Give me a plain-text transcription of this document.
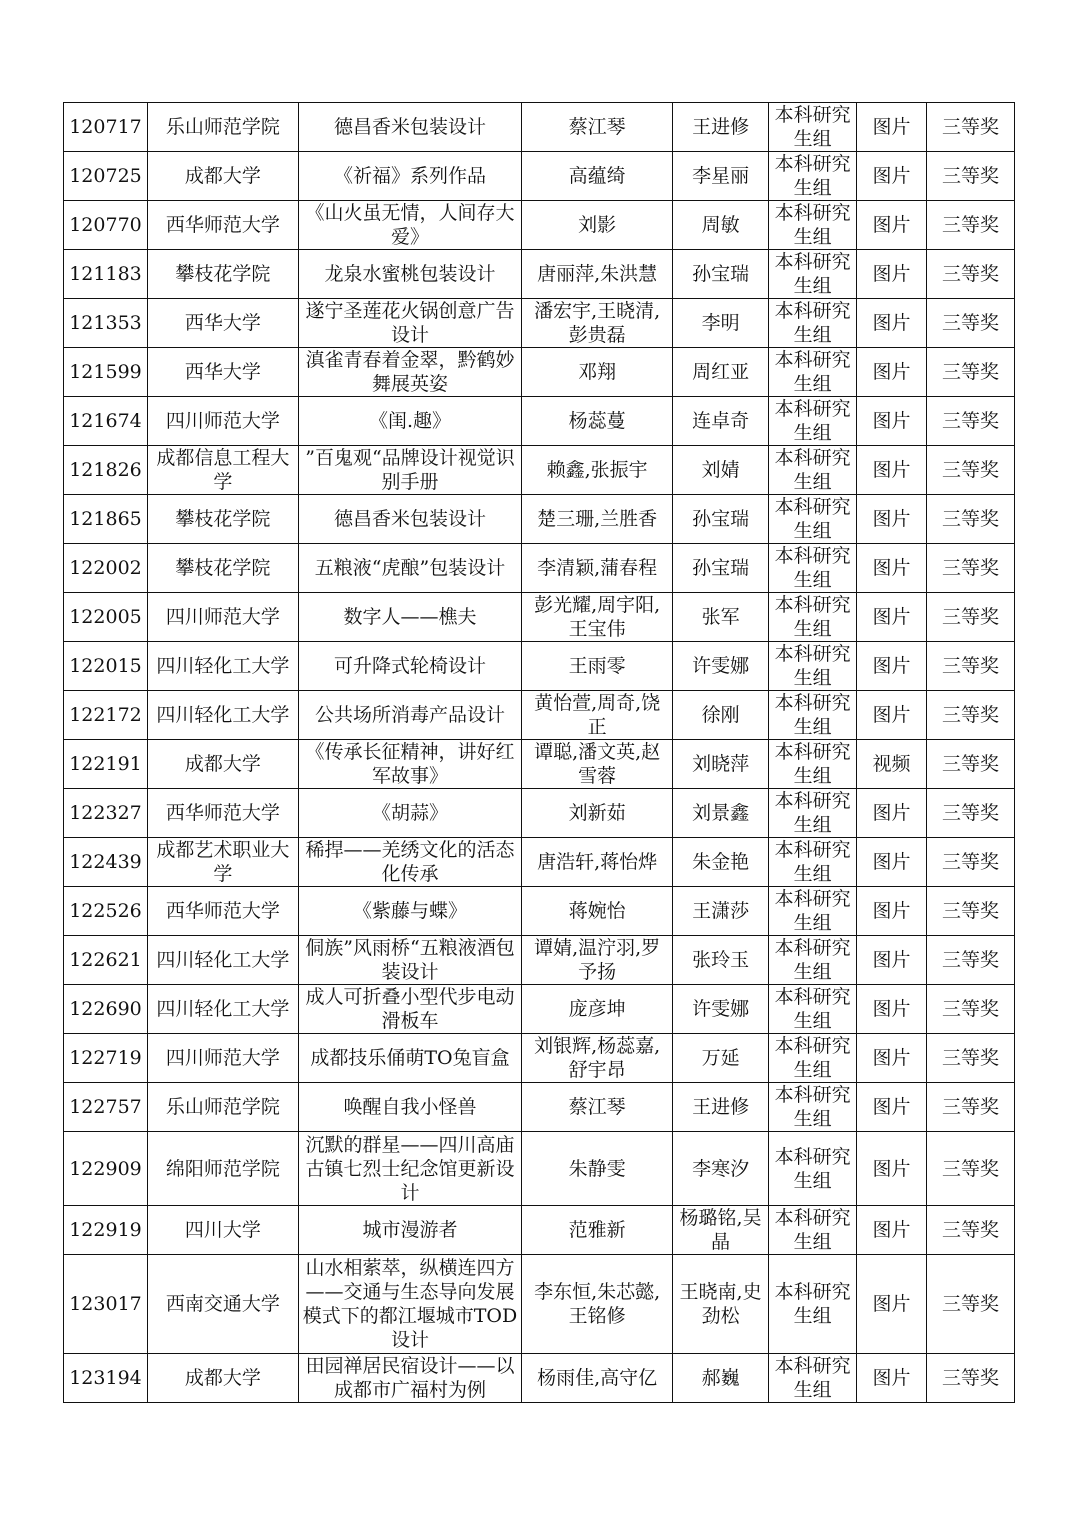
120717	乐山师范学院	德昌香米包装设计	蔡江琴	王进修	本科研究生组	图片	三等奖
120725	成都大学	《祈福》系列作品	高蕴绮	李星丽	本科研究生组	图片	三等奖
120770	西华师范大学	《山火虽无情，人间存大爱》	刘影	周敏	本科研究生组	图片	三等奖
121183	攀枝花学院	龙泉水蜜桃包装设计	唐丽萍,朱洪慧	孙宝瑞	本科研究生组	图片	三等奖
121353	西华大学	遂宁圣莲花火锅创意广告设计	潘宏宇,王晓清,彭贵磊	李明	本科研究生组	图片	三等奖
121599	西华大学	滇雀青春着金翠，黔鹤妙舞展英姿	邓翔	周红亚	本科研究生组	图片	三等奖
121674	四川师范大学	《闺.趣》	杨蕊蔓	连卓奇	本科研究生组	图片	三等奖
121826	成都信息工程大学	”百鬼观“品牌设计视觉识别手册	赖鑫,张振宇	刘婧	本科研究生组	图片	三等奖
121865	攀枝花学院	德昌香米包装设计	楚三珊,兰胜香	孙宝瑞	本科研究生组	图片	三等奖
122002	攀枝花学院	五粮液“虎酿”包装设计	李清颖,蒲春程	孙宝瑞	本科研究生组	图片	三等奖
122005	四川师范大学	数字人——樵夫	彭光耀,周宇阳,王宝伟	张军	本科研究生组	图片	三等奖
122015	四川轻化工大学	可升降式轮椅设计	王雨零	许雯娜	本科研究生组	图片	三等奖
122172	四川轻化工大学	公共场所消毒产品设计	黄怡萱,周奇,饶正	徐刚	本科研究生组	图片	三等奖
122191	成都大学	《传承长征精神，讲好红军故事》	谭聪,潘文英,赵雪蓉	刘晓萍	本科研究生组	视频	三等奖
122327	西华师范大学	《胡蒜》	刘新茹	刘景鑫	本科研究生组	图片	三等奖
122439	成都艺术职业大学	稀捍——羌绣文化的活态化传承	唐浩轩,蒋怡烨	朱金艳	本科研究生组	图片	三等奖
122526	西华师范大学	《紫藤与蝶》	蒋婉怡	王潇莎	本科研究生组	图片	三等奖
122621	四川轻化工大学	侗族”风雨桥“五粮液酒包装设计	谭婧,温泞羽,罗予扬	张玲玉	本科研究生组	图片	三等奖
122690	四川轻化工大学	成人可折叠小型代步电动滑板车	庞彦坤	许雯娜	本科研究生组	图片	三等奖
122719	四川师范大学	成都技乐俑萌TO兔盲盒	刘银辉,杨蕊嘉,舒宇昂	万延	本科研究生组	图片	三等奖
122757	乐山师范学院	唤醒自我小怪兽	蔡江琴	王进修	本科研究生组	图片	三等奖
122909	绵阳师范学院	沉默的群星——四川高庙古镇七烈士纪念馆更新设计	朱静雯	李寒汐	本科研究生组	图片	三等奖
122919	四川大学	城市漫游者	范雅新	杨璐铭,吴晶	本科研究生组	图片	三等奖
123017	西南交通大学	山水相萦萃，纵横连四方——交通与生态导向发展模式下的都江堰城市TOD设计	李东恒,朱芯懿,王铭修	王晓南,史劲松	本科研究生组	图片	三等奖
123194	成都大学	田园禅居民宿设计——以成都市广福村为例	杨雨佳,高守亿	郝巍	本科研究生组	图片	三等奖
